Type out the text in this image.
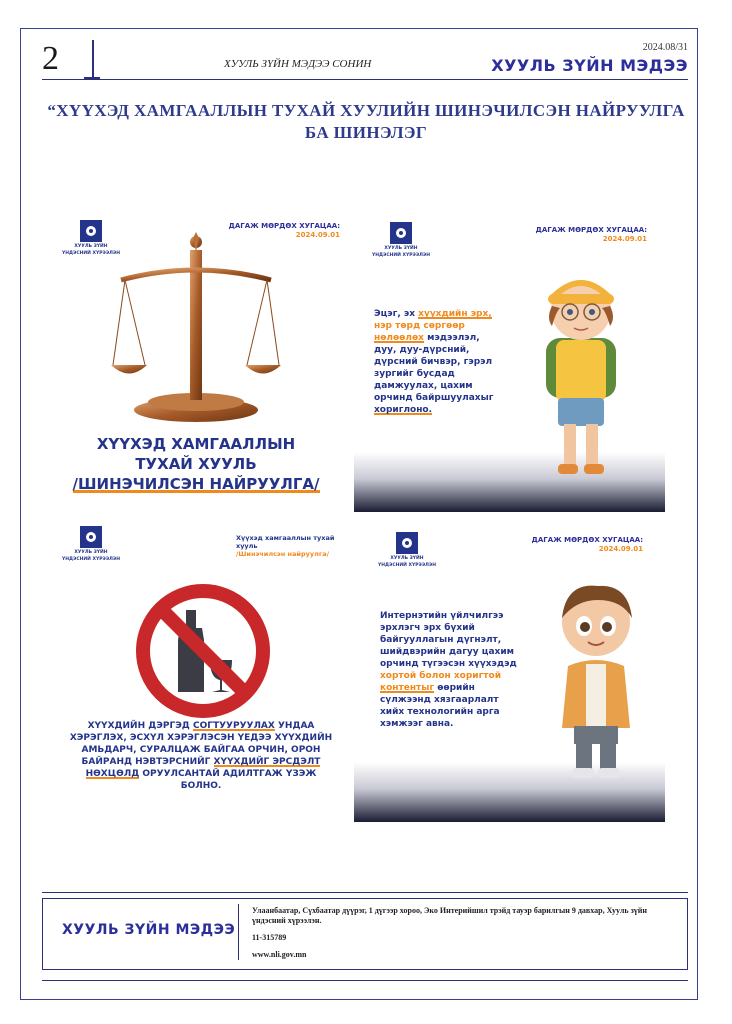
2	ХУУЛЬ ЗҮЙН МЭДЭЭ СОНИН
2024.08/31
ХУУЛЬ ЗҮЙН МЭДЭЭ
“ХҮҮХЭД ХАМГААЛЛЫН ТУХАЙ ХУУЛИЙН ШИНЭЧИЛСЭН НАЙРУУЛГА БА ШИНЭЛЭГ
ХУУЛЬ ЗҮЙН
ҮНДЭСНИЙ ХҮРЭЭЛЭН
ДАГАЖ МӨРДӨХ ХУГАЦАА:
2024.09.01
ХҮҮХЭД ХАМГААЛЛЫН
ТУХАЙ ХУУЛЬ
/ШИНЭЧИЛСЭН НАЙРУУЛГА/
ХУУЛЬ ЗҮЙН
ҮНДЭСНИЙ ХҮРЭЭЛЭН
ДАГАЖ МӨРДӨХ ХУГАЦАА:
2024.09.01
Эцэг, эх хүүхдийн эрх,
нэр төрд сөргөөр
нөлөөлөх мэдээлэл,
дуу, дуу-дүрсний,
дүрсний бичвэр, гэрэл
зургийг бусдад
дамжуулах, цахим
орчинд байршуулахыг
хориглоно.
ХУУЛЬ ЗҮЙН
ҮНДЭСНИЙ ХҮРЭЭЛЭН
Хүүхэд хамгааллын тухай хууль
/Шинэчилсэн найруулга/
ХҮҮХДИЙН ДЭРГЭД СОГТУУРУУЛАХ УНДАА
ХЭРЭГЛЭХ, ЭСХҮЛ ХЭРЭГЛЭСЭН ҮЕДЭЭ ХҮҮХДИЙН
АМЬДАРЧ, СУРАЛЦАЖ БАЙГАА ОРЧИН, ОРОН
БАЙРАНД НЭВТЭРСНИЙГ ХҮҮХДИЙГ ЭРСДЭЛТ
НӨХЦӨЛД ОРУУЛСАНТАЙ АДИЛТГАЖ ҮЗЭЖ
БОЛНО.
ХУУЛЬ ЗҮЙН
ҮНДЭСНИЙ ХҮРЭЭЛЭН
ДАГАЖ МӨРДӨХ ХУГАЦАА:
2024.09.01
Интернэтийн үйлчилгээ
эрхлэгч эрх бүхий
байгууллагын дүгнэлт,
шийдвэрийн дагуу цахим
орчинд түгээсэн хүүхэдэд
хортой болон хоригтой
контентыг өөрийн
сүлжээнд хязгаарлалт
хийх технологийн арга
хэмжээг авна.
ХУУЛЬ ЗҮЙН МЭДЭЭ
Улаанбаатар, Сүхбаатар дүүрэг, 1 дүгээр хороо, Эко Интерийшил трэйд тауэр барилгын 9 давхар, Хууль зүйн үндэсний хүрээлэн.
11-315789
www.nli.gov.mn
